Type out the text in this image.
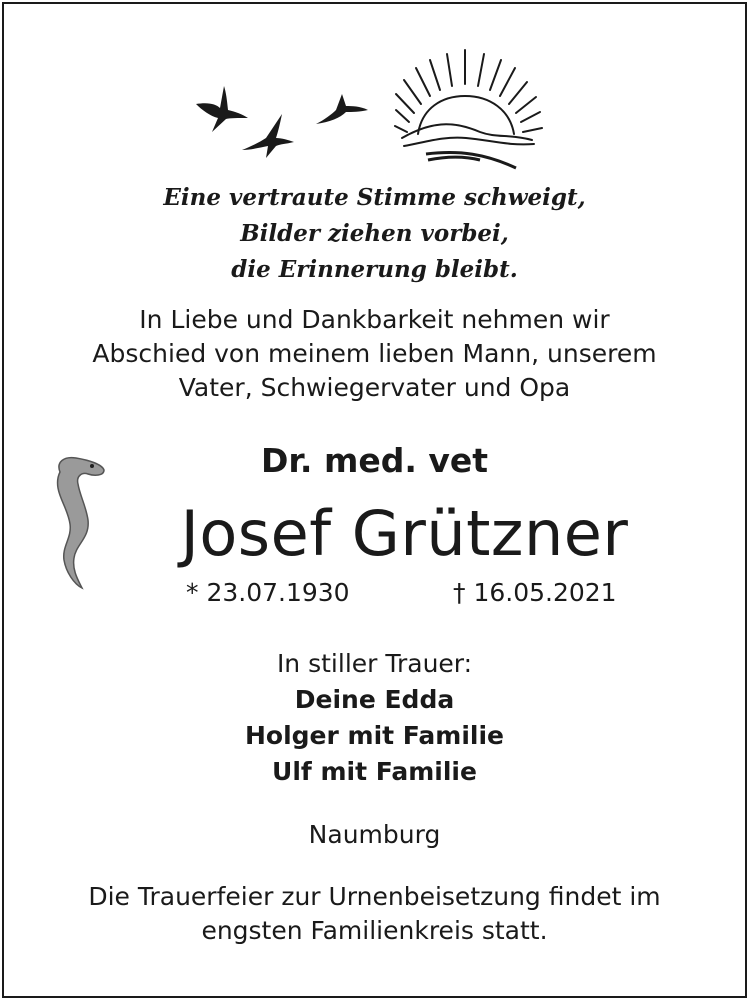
Eine vertraute Stimme schweigt,
Bilder ziehen vorbei,
die Erinnerung bleibt.
In Liebe und Dankbarkeit nehmen wir
Abschied von meinem lieben Mann, unserem
Vater, Schwiegervater und Opa
Dr. med. vet
Josef Grützner
* 23.07.1930	† 16.05.2021
In stiller Trauer:
Deine Edda
Holger mit Familie
Ulf mit Familie
Naumburg
Die Trauerfeier zur Urnenbeisetzung findet im
engsten Familienkreis statt.
